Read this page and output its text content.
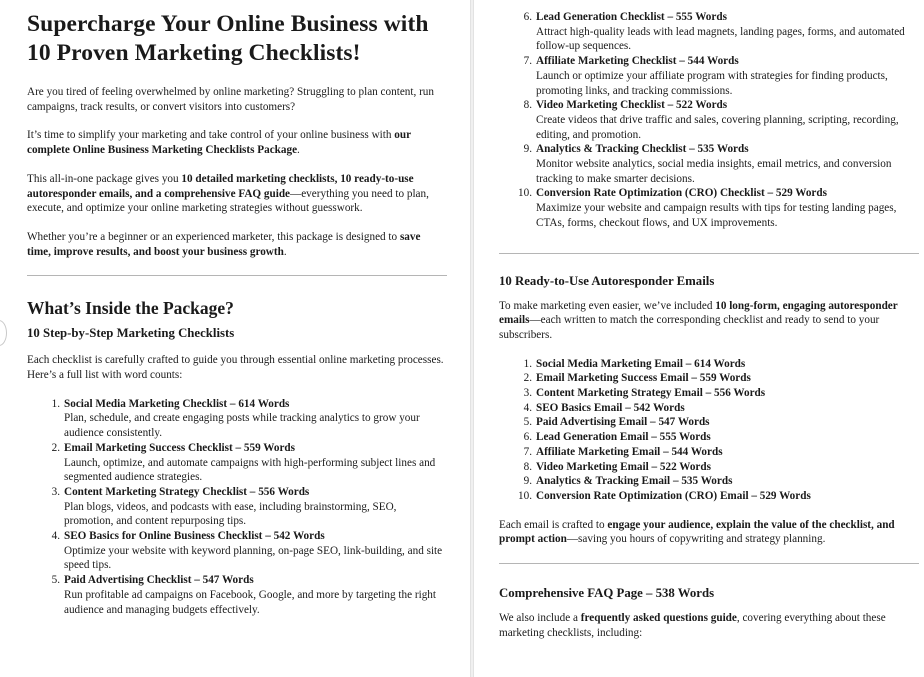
Supercharge Your Online Business with 10 Proven Marketing Checklists!

Are you tired of feeling overwhelmed by online marketing? Struggling to plan content, run campaigns, track results, or convert visitors into customers?

It’s time to simplify your marketing and take control of your online business with our complete Online Business Marketing Checklists Package.

This all-in-one package gives you 10 detailed marketing checklists, 10 ready-to-use autoresponder emails, and a comprehensive FAQ guide—everything you need to plan, execute, and optimize your online marketing strategies without guesswork.

Whether you’re a beginner or an experienced marketer, this package is designed to save time, improve results, and boost your business growth.

What’s Inside the Package?
10 Step-by-Step Marketing Checklists

Each checklist is carefully crafted to guide you through essential online marketing processes. Here’s a full list with word counts:

1. Social Media Marketing Checklist – 614 Words
Plan, schedule, and create engaging posts while tracking analytics to grow your audience consistently.
2. Email Marketing Success Checklist – 559 Words
Launch, optimize, and automate campaigns with high-performing subject lines and segmented audience strategies.
3. Content Marketing Strategy Checklist – 556 Words
Plan blogs, videos, and podcasts with ease, including brainstorming, SEO, promotion, and content repurposing tips.
4. SEO Basics for Online Business Checklist – 542 Words
Optimize your website with keyword planning, on-page SEO, link-building, and site speed tips.
5. Paid Advertising Checklist – 547 Words
Run profitable ad campaigns on Facebook, Google, and more by targeting the right audience and managing budgets effectively.
6. Lead Generation Checklist – 555 Words
Attract high-quality leads with lead magnets, landing pages, forms, and automated follow-up sequences.
7. Affiliate Marketing Checklist – 544 Words
Launch or optimize your affiliate program with strategies for finding products, promoting links, and tracking commissions.
8. Video Marketing Checklist – 522 Words
Create videos that drive traffic and sales, covering planning, scripting, recording, editing, and promotion.
9. Analytics & Tracking Checklist – 535 Words
Monitor website analytics, social media insights, email metrics, and conversion tracking to make smarter decisions.
10. Conversion Rate Optimization (CRO) Checklist – 529 Words
Maximize your website and campaign results with tips for testing landing pages, CTAs, forms, checkout flows, and UX improvements.
10 Ready-to-Use Autoresponder Emails

To make marketing even easier, we’ve included 10 long-form, engaging autoresponder emails—each written to match the corresponding checklist and ready to send to your subscribers.

1. Social Media Marketing Email – 614 Words
2. Email Marketing Success Email – 559 Words
3. Content Marketing Strategy Email – 556 Words
4. SEO Basics Email – 542 Words
5. Paid Advertising Email – 547 Words
6. Lead Generation Email – 555 Words
7. Affiliate Marketing Email – 544 Words
8. Video Marketing Email – 522 Words
9. Analytics & Tracking Email – 535 Words
10. Conversion Rate Optimization (CRO) Email – 529 Words

Each email is crafted to engage your audience, explain the value of the checklist, and prompt action—saving you hours of copywriting and strategy planning.

Comprehensive FAQ Page – 538 Words

We also include a frequently asked questions guide, covering everything about these marketing checklists, including:
